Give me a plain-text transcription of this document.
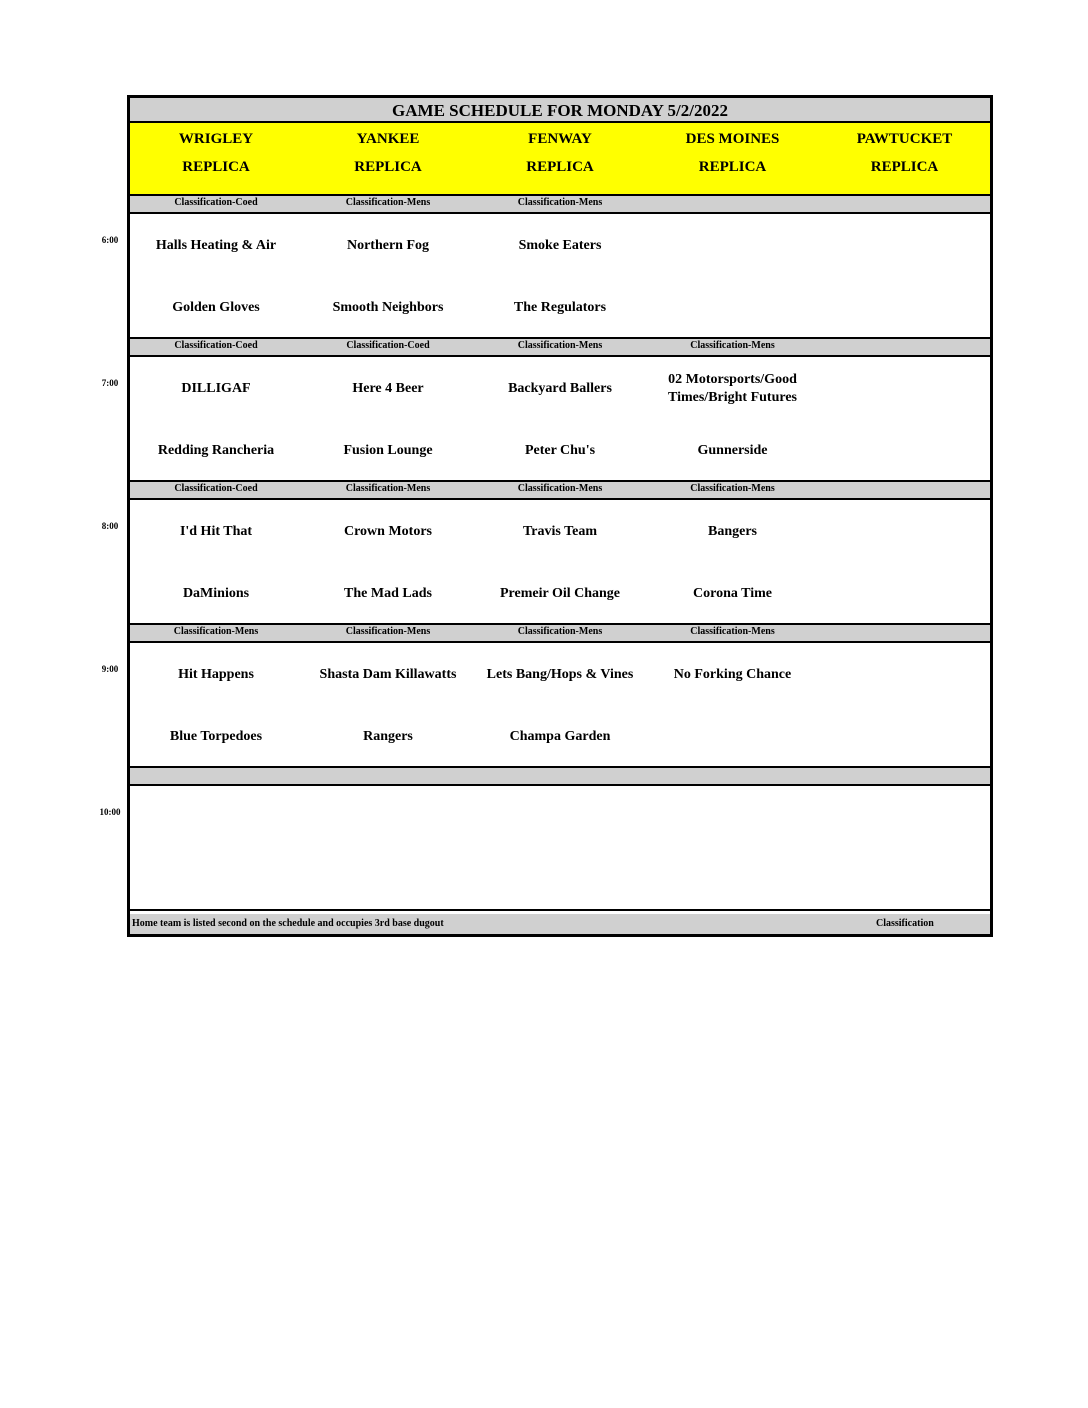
GAME SCHEDULE FOR MONDAY 5/2/2022
WRIGLEY
REPLICA
YANKEE
REPLICA
FENWAY
REPLICA
DES MOINES
REPLICA
PAWTUCKET
REPLICA
Classification-Coed
Halls Heating & Air
Golden Gloves
Classification-Mens
Northern Fog
Smooth Neighbors
Classification-Mens
Smoke Eaters
The Regulators
Classification-Coed
DILLIGAF
Redding Rancheria
Classification-Coed
Here 4 Beer
Fusion Lounge
Classification-Mens
Backyard Ballers
Peter Chu's
Classification-Mens
02 Motorsports/Good Times/Bright Futures
Gunnerside
Classification-Coed
I'd Hit That
DaMinions
Classification-Mens
Crown Motors
The Mad Lads
Classification-Mens
Travis Team
Premeir Oil Change
Classification-Mens
Bangers
Corona Time
Classification-Mens
Hit Happens
Blue Torpedoes
Classification-Mens
Shasta Dam Killawatts
Rangers
Classification-Mens
Lets Bang/Hops & Vines
Champa Garden
Classification-Mens
No Forking Chance
Home team is listed second on the schedule and occupies 3rd base dugout	Classification
6:00
7:00
8:00
9:00
10:00
